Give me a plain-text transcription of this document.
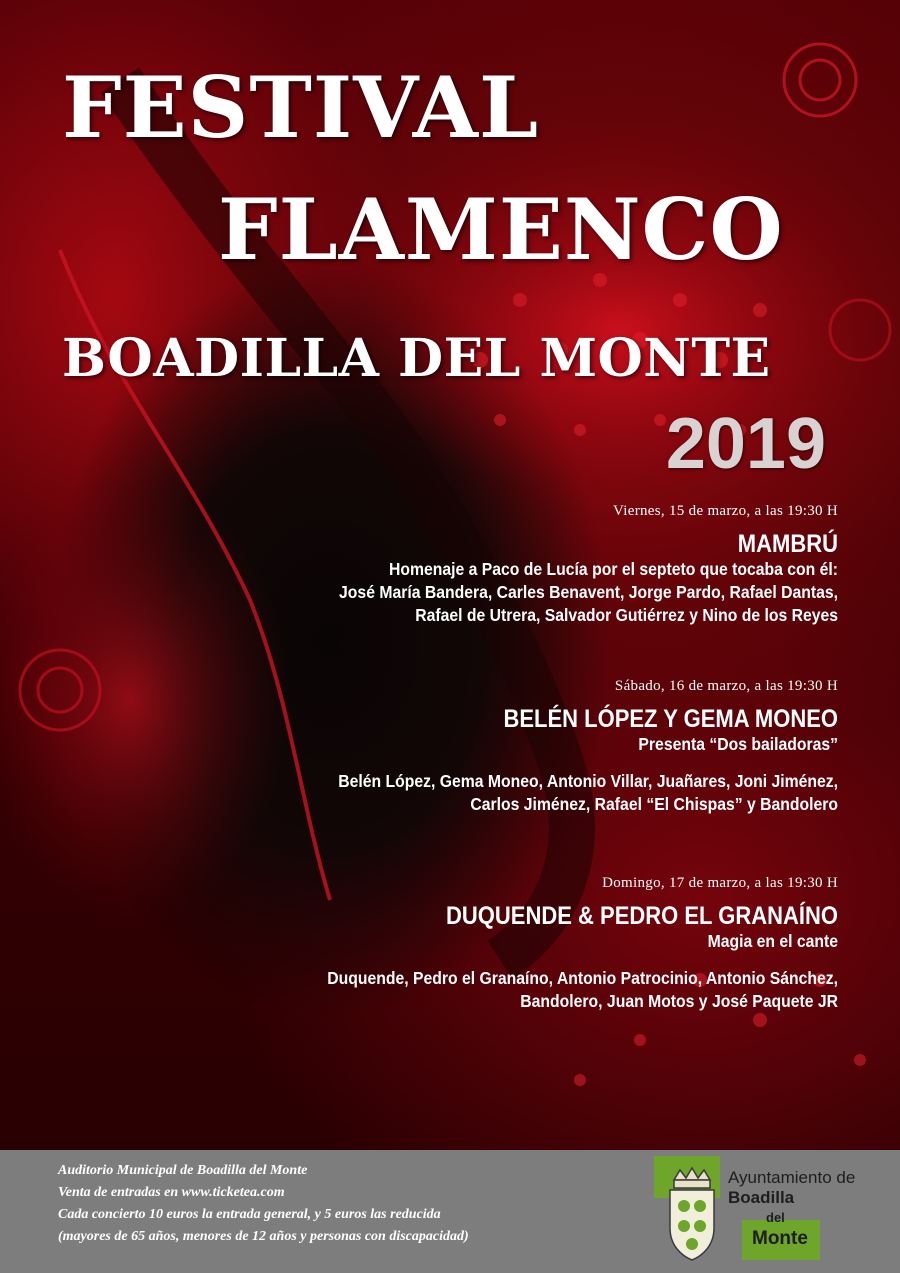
FESTIVAL
FLAMENCO
BOADILLA DEL MONTE
2019

Viernes, 15 de marzo, a las 19:30 H

MAMBRÚ

Homenaje a Paco de Lucía por el septeto que tocaba con él:

José María Bandera, Carles Benavent, Jorge Pardo, Rafael Dantas,

Rafael de Utrera, Salvador Gutiérrez y Nino de los Reyes

Sábado, 16 de marzo, a las 19:30 H

BELÉN LÓPEZ Y GEMA MONEO

Presenta “Dos bailadoras”

Belén López, Gema Moneo, Antonio Villar, Juañares, Joni Jiménez,

Carlos Jiménez, Rafael “El Chispas” y Bandolero

Domingo, 17 de marzo, a las 19:30 H

DUQUENDE & PEDRO EL GRANAÍNO

Magia en el cante

Duquende, Pedro el Granaíno, Antonio Patrocinio, Antonio Sánchez,

Bandolero, Juan Motos y José Paquete JR

Auditorio Municipal de Boadilla del Monte
Venta de entradas en www.ticketea.com
Cada concierto 10 euros la entrada general, y 5 euros las reducida
(mayores de 65 años, menores de 12 años y personas con discapacidad)

Ayuntamiento de

Boadilla

del

Monte
